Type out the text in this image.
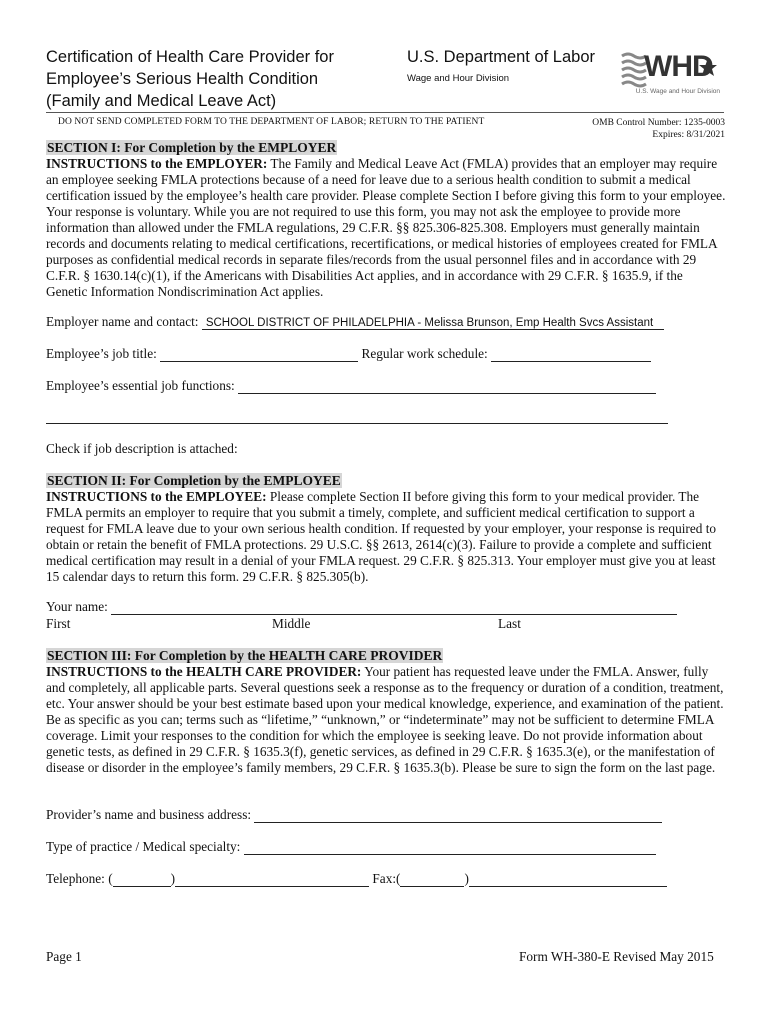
Certification of Health Care Provider for
Employee’s Serious Health Condition
(Family and Medical Leave Act)
U.S. Department of Labor
Wage and Hour Division	WHD
U.S. Wage and Hour Division
DO NOT SEND COMPLETED FORM TO THE DEPARTMENT OF LABOR; RETURN TO THE PATIENT	OMB Control Number: 1235-0003
Expires: 8/31/2021
SECTION I: For Completion by the EMPLOYER
INSTRUCTIONS to the EMPLOYER: The Family and Medical Leave Act (FMLA) provides that an employer may require an employee seeking FMLA protections because of a need for leave due to a serious health condition to submit a medical certification issued by the employee’s health care provider. Please complete Section I before giving this form to your employee. Your response is voluntary. While you are not required to use this form, you may not ask the employee to provide more information than allowed under the FMLA regulations, 29 C.F.R. §§ 825.306-825.308. Employers must generally maintain records and documents relating to medical certifications, recertifications, or medical histories of employees created for FMLA purposes as confidential medical records in separate files/records from the usual personnel files and in accordance with 29 C.F.R. § 1630.14(c)(1), if the Americans with Disabilities Act applies, and in accordance with 29 C.F.R. § 1635.9, if the Genetic Information Nondiscrimination Act applies.
Employer name and contact: SCHOOL DISTRICT OF PHILADELPHIA - Melissa Brunson, Emp Health Svcs Assistant
Employee’s job title:	Regular work schedule:
Employee’s essential job functions:
Check if job description is attached:
SECTION II: For Completion by the EMPLOYEE
INSTRUCTIONS to the EMPLOYEE: Please complete Section II before giving this form to your medical provider. The FMLA permits an employer to require that you submit a timely, complete, and sufficient medical certification to support a request for FMLA leave due to your own serious health condition. If requested by your employer, your response is required to obtain or retain the benefit of FMLA protections. 29 U.S.C. §§ 2613, 2614(c)(3). Failure to provide a complete and sufficient medical certification may result in a denial of your FMLA request. 29 C.F.R. § 825.313. Your employer must give you at least 15 calendar days to return this form. 29 C.F.R. § 825.305(b).
Your name:
First	Middle	Last
SECTION III: For Completion by the HEALTH CARE PROVIDER
INSTRUCTIONS to the HEALTH CARE PROVIDER: Your patient has requested leave under the FMLA. Answer, fully and completely, all applicable parts. Several questions seek a response as to the frequency or duration of a condition, treatment, etc. Your answer should be your best estimate based upon your medical knowledge, experience, and examination of the patient. Be as specific as you can; terms such as “lifetime,” “unknown,” or “indeterminate” may not be sufficient to determine FMLA coverage. Limit your responses to the condition for which the employee is seeking leave. Do not provide information about genetic tests, as defined in 29 C.F.R. § 1635.3(f), genetic services, as defined in 29 C.F.R. § 1635.3(e), or the manifestation of disease or disorder in the employee’s family members, 29 C.F.R. § 1635.3(b). Please be sure to sign the form on the last page.
Provider’s name and business address:
Type of practice / Medical specialty:
Telephone: (	)	Fax:(	)
Page 1	Form WH-380-E Revised May 2015
